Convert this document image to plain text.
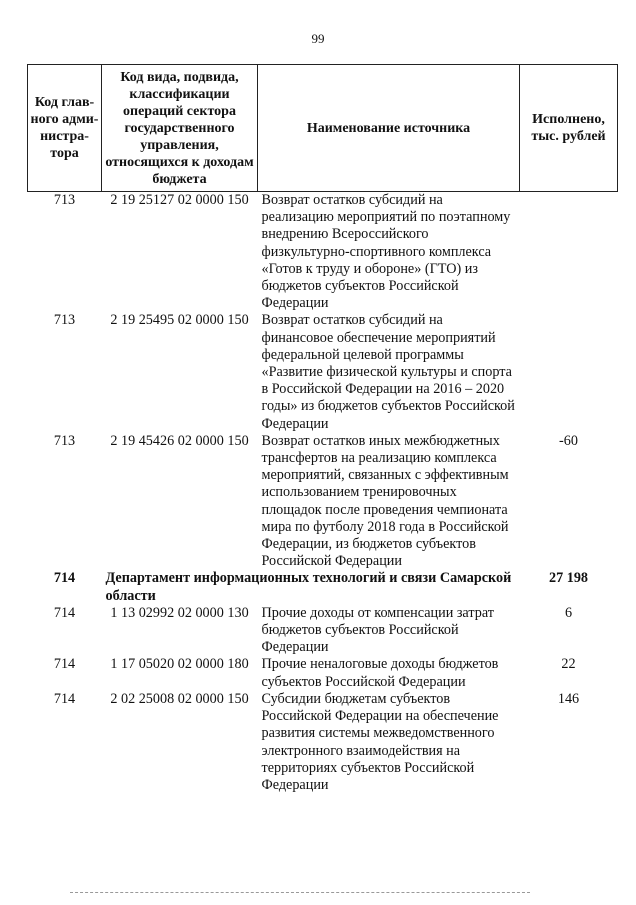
99
Код глав-ного адми-нистра-тора	Код вида, подвида, классификации операций сектора государственного управления, относящихся к доходам бюджета	Наименование источника	Исполнено, тыс. рублей
713	2 19 25127 02 0000 150	Возврат остатков субсидий на реализацию мероприятий по поэтапному внедрению Всероссийского физкультурно-спортивного комплекса «Готов к труду и обороне» (ГТО) из бюджетов субъектов Российской Федерации	
713	2 19 25495 02 0000 150	Возврат остатков субсидий на финансовое обеспечение мероприятий федеральной целевой программы «Развитие физической культуры и спорта в Российской Федерации на 2016 – 2020 годы» из бюджетов субъектов Российской Федерации	
713	2 19 45426 02 0000 150	Возврат остатков иных межбюджетных трансфертов на реализацию комплекса мероприятий, связанных с эффективным использованием тренировочных площадок после проведения чемпионата мира по футболу 2018 года в Российской Федерации, из бюджетов субъектов Российской Федерации	-60
714	Департамент информационных технологий и связи Самарской области		27 198
714	1 13 02992 02 0000 130	Прочие доходы от компенсации затрат бюджетов субъектов Российской Федерации	6
714	1 17 05020 02 0000 180	Прочие неналоговые доходы бюджетов субъектов Российской Федерации	22
714	2 02 25008 02 0000 150	Субсидии бюджетам субъектов Российской Федерации на обеспечение развития системы межведомственного электронного взаимодействия на территориях субъектов Российской Федерации	146
